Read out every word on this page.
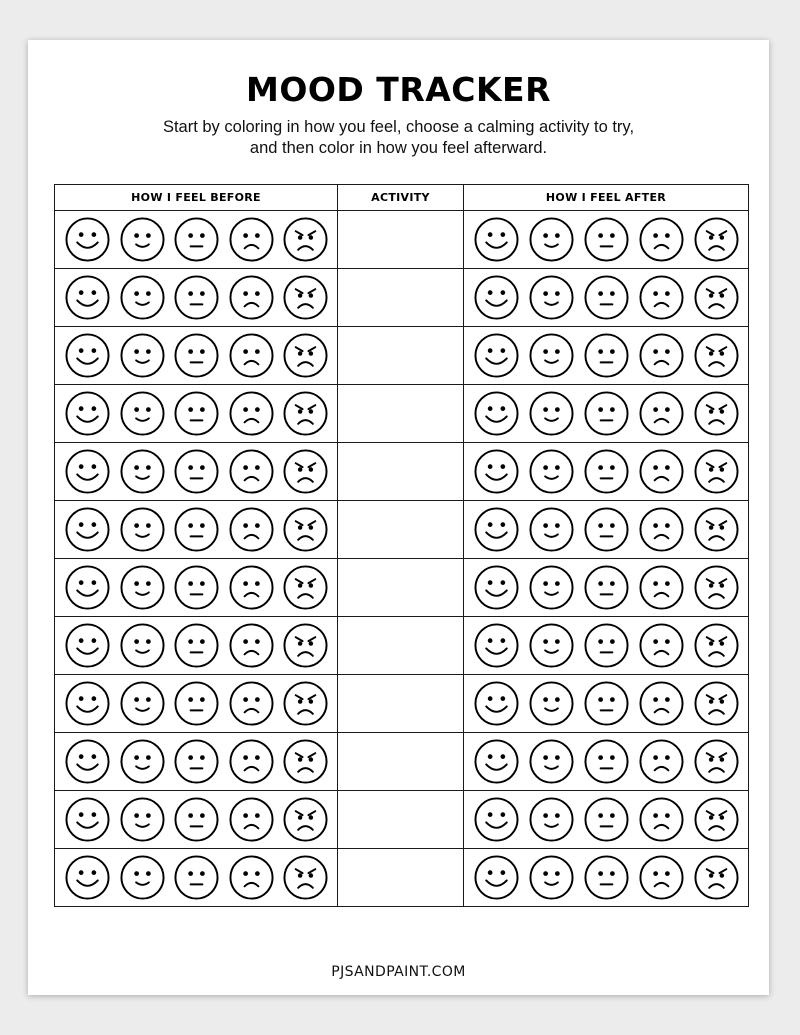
MOOD TRACKER
Start by coloring in how you feel, choose a calming activity to try,
and then color in how you feel afterward.
HOW I FEEL BEFORE	ACTIVITY	HOW I FEEL AFTER

PJSANDPAINT.COM
